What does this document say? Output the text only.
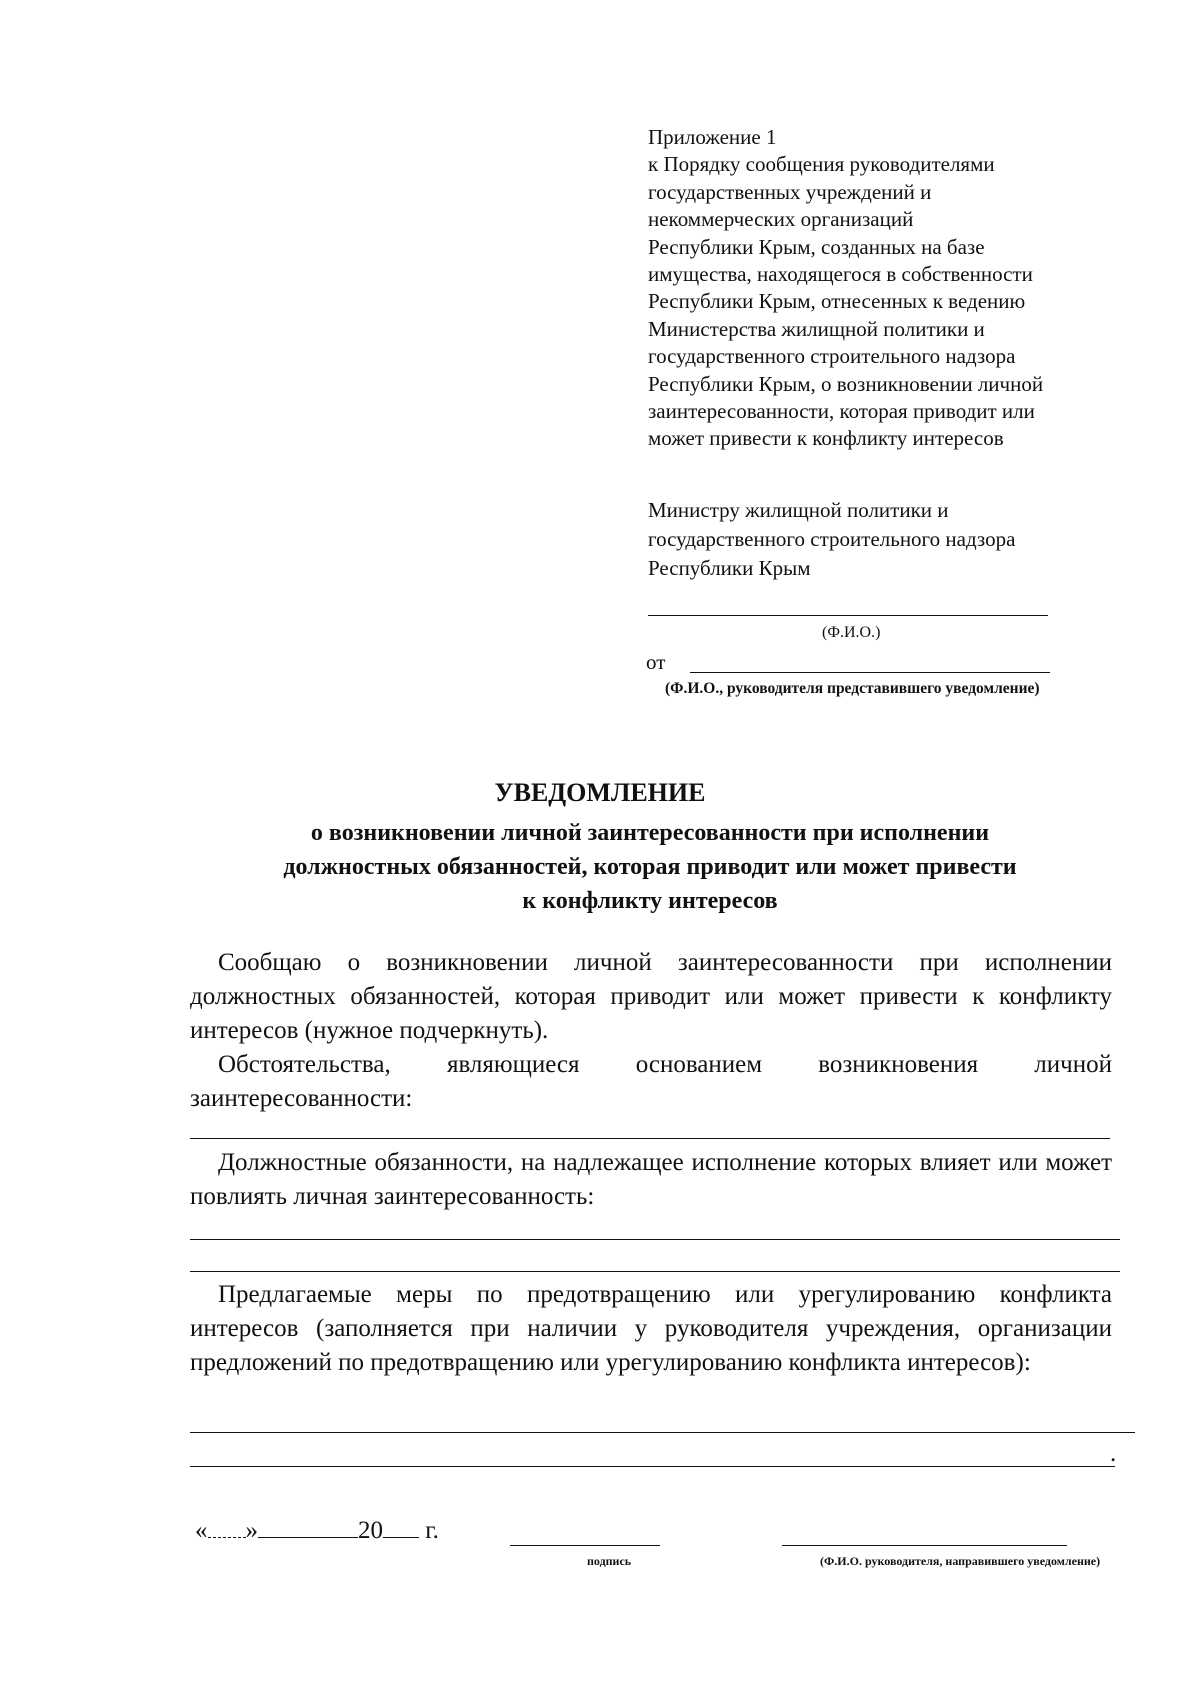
Приложение 1
к Порядку сообщения руководителями
государственных учреждений и
некоммерческих организаций
Республики Крым, созданных на базе
имущества, находящегося в собственности
Республики Крым, отнесенных к ведению
Министерства жилищной политики и
государственного строительного надзора
Республики Крым, о возникновении личной
заинтересованности, которая приводит или
может привести к конфликту интересов
Министру жилищной политики и
государственного строительного надзора
Республики Крым
(Ф.И.О.)
от
(Ф.И.О., руководителя представившего уведомление)
УВЕДОМЛЕНИЕ
о возникновении личной заинтересованности при исполнении
должностных обязанностей, которая приводит или может привести
к конфликту интересов

Сообщаю о возникновении личной заинтересованности при исполнении должностных обязанностей, которая приводит или может привести к конфликту интересов (нужное подчеркнуть).

Обстоятельства, являющиеся основанием возникновения личной

заинтересованности:

Должностные обязанности, на надлежащее исполнение которых влияет или может повлиять личная заинтересованность:

Предлагаемые меры по предотвращению или урегулированию конфликта интересов (заполняется при наличии у руководителя учреждения, организации предложений по предотвращению или урегулированию конфликта интересов):

.
« »	20 г.
подпись	(Ф.И.О. руководителя, направившего уведомление)
